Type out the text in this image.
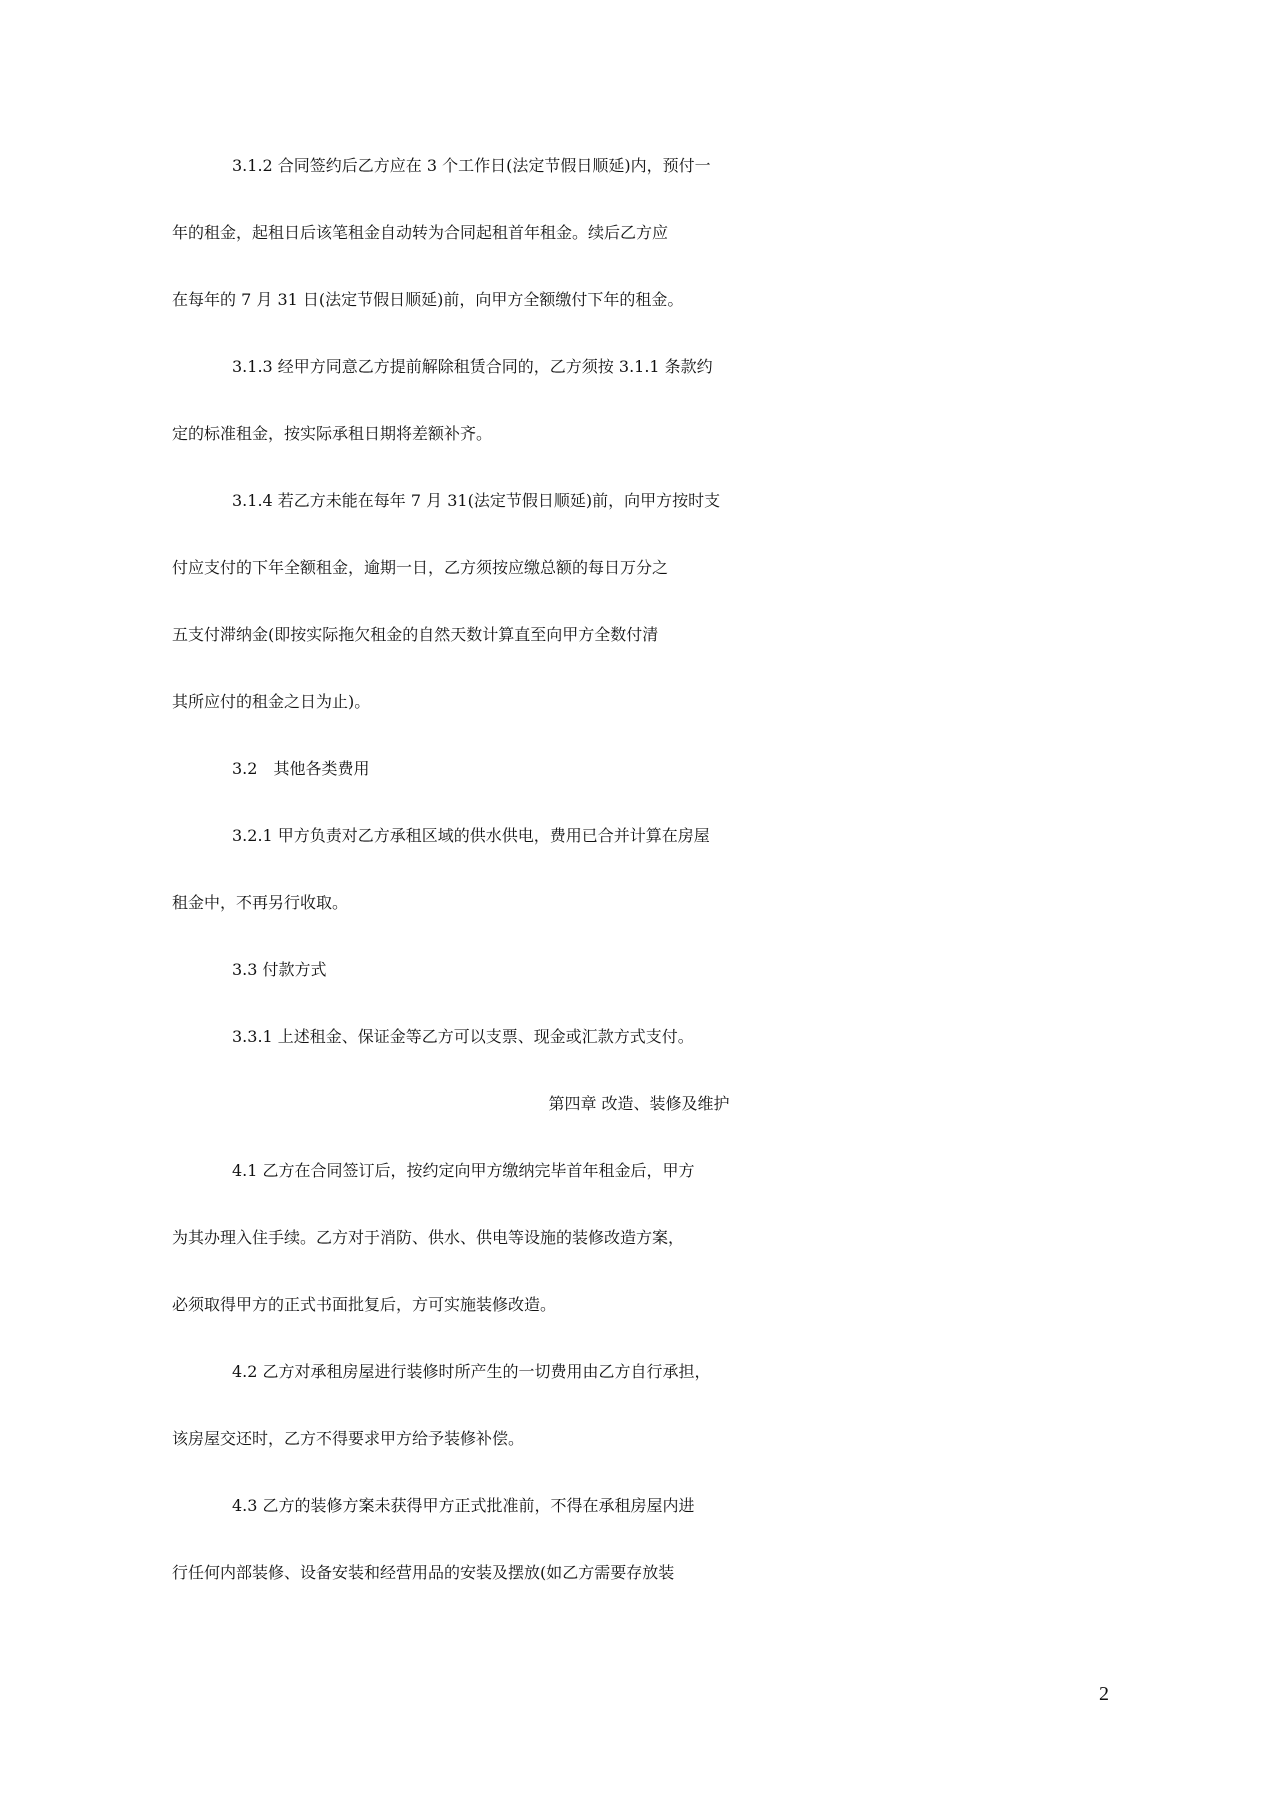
3.1.2 合同签约后乙方应在 3 个工作日(法定节假日顺延)内，预付一
年的租金，起租日后该笔租金自动转为合同起租首年租金。续后乙方应
在每年的 7 月 31 日(法定节假日顺延)前，向甲方全额缴付下年的租金。
3.1.3 经甲方同意乙方提前解除租赁合同的，乙方须按 3.1.1 条款约
定的标准租金，按实际承租日期将差额补齐。
3.1.4 若乙方未能在每年 7 月 31(法定节假日顺延)前，向甲方按时支
付应支付的下年全额租金，逾期一日，乙方须按应缴总额的每日万分之
五支付滞纳金(即按实际拖欠租金的自然天数计算直至向甲方全数付清
其所应付的租金之日为止)。
3.2　其他各类费用
3.2.1 甲方负责对乙方承租区域的供水供电，费用已合并计算在房屋
租金中，不再另行收取。
3.3 付款方式
3.3.1 上述租金、保证金等乙方可以支票、现金或汇款方式支付。
第四章 改造、装修及维护
4.1 乙方在合同签订后，按约定向甲方缴纳完毕首年租金后，甲方
为其办理入住手续。乙方对于消防、供水、供电等设施的装修改造方案，
必须取得甲方的正式书面批复后，方可实施装修改造。
4.2 乙方对承租房屋进行装修时所产生的一切费用由乙方自行承担，
该房屋交还时，乙方不得要求甲方给予装修补偿。
4.3 乙方的装修方案未获得甲方正式批准前，不得在承租房屋内进
行任何内部装修、设备安装和经营用品的安装及摆放(如乙方需要存放装
2
